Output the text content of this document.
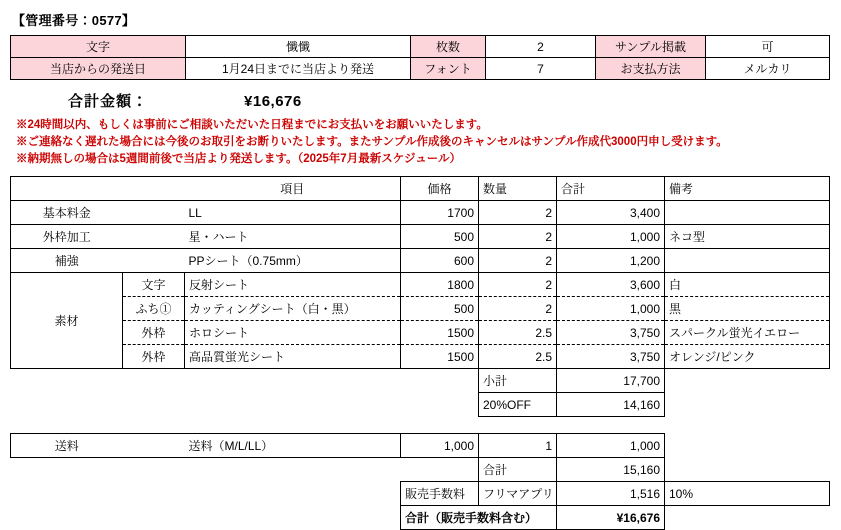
【管理番号：0577】
文字	懺懺	枚数	2	サンプル掲載	可
当店からの発送日	1月24日までに当店より発送	フォント	7	お支払方法	メルカリ
合計金額：	¥16,676
※24時間以内、もしくは事前にご相談いただいた日程までにお支払いをお願いいたします。
※ご連絡なく遅れた場合には今後のお取引をお断りいたします。またサンプル作成後のキャンセルはサンプル作成代3000円申し受けます。
※納期無しの場合は5週間前後で当店より発送します。（2025年7月最新スケジュール）
		項目	価格	数量	合計	備考
基本料金		LL	1700	2	3,400	
外枠加工		星・ハート	500	2	1,000	ネコ型
補強		PPシート（0.75mm）	600	2	1,200	
素材	文字	反射シート	1800	2	3,600	白
	ふち①	カッティングシート（白・黒）	500	2	1,000	黒
	外枠	ホロシート	1500	2.5	3,750	スパークル蛍光イエロー
	外枠	高品質蛍光シート	1500	2.5	3,750	オレンジ/ピンク
				小計	17,700	
				20%OFF	14,160	
送料		送料（M/L/LL）	1,000	1	1,000	
				合計	15,160	
			販売手数料	フリマアプリ	1,516	10%
			合計（販売手数料含む）		¥16,676	
